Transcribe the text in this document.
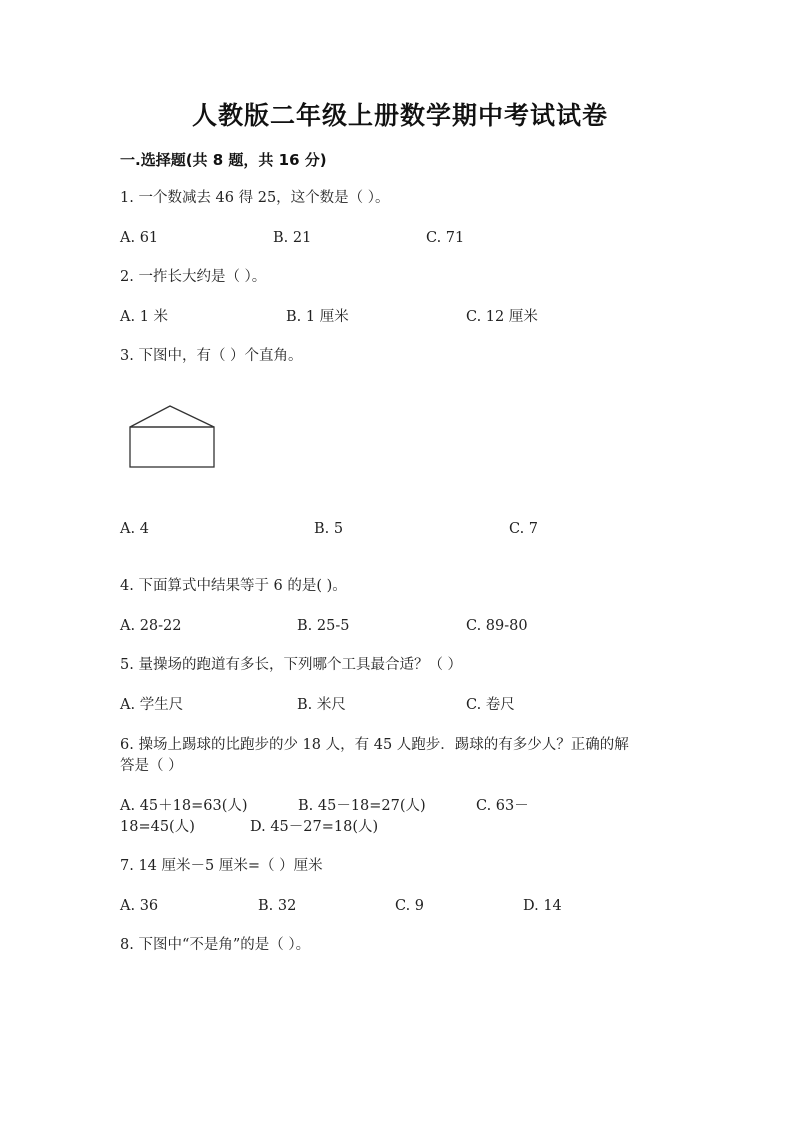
人教版二年级上册数学期中考试试卷
一.选择题(共 8 题，共 16 分)
1. 一个数减去 46 得 25，这个数是（ ）。
A. 61	B. 21	C. 71
2. 一拃长大约是（ ）。
A. 1 米	B. 1 厘米	C. 12 厘米
3. 下图中，有（ ）个直角。
A. 4	B. 5	C. 7
4. 下面算式中结果等于 6 的是( )。
A. 28-22	B. 25-5	C. 89-80
5. 量操场的跑道有多长，下列哪个工具最合适？（ ）
A. 学生尺	B. 米尺	C. 卷尺
6. 操场上踢球的比跑步的少 18 人，有 45 人跑步．踢球的有多少人？正确的解
答是（ ）
A. 45＋18=63(人)	B. 45－18=27(人)	C. 63－
18=45(人)	D. 45－27=18(人)
7. 14 厘米－5 厘米=（ ）厘米
A. 36	B. 32	C. 9	D. 14
8. 下图中“不是角”的是（ ）。
